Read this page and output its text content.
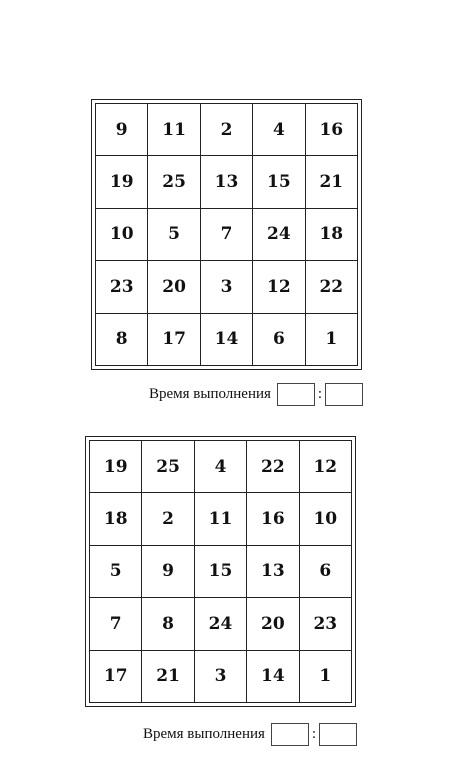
9	11	2	4	16
19	25	13	15	21
10	5	7	24	18
23	20	3	12	22
8	17	14	6	1
Время выполнения	:
19	25	4	22	12
18	2	11	16	10
5	9	15	13	6
7	8	24	20	23
17	21	3	14	1
Время выполнения	:
